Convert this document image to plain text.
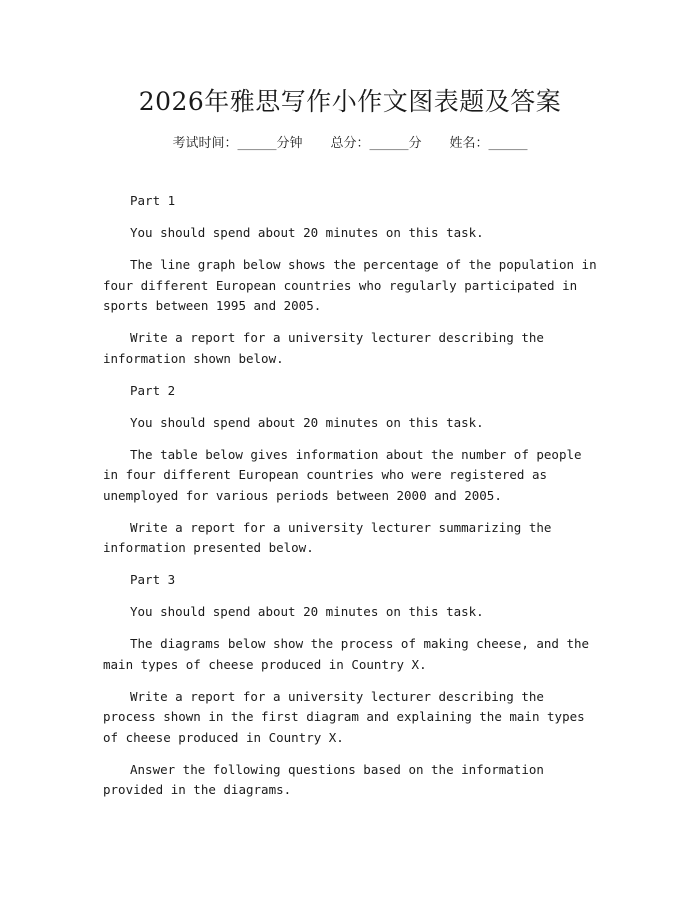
2026年雅思写作小作文图表题及答案
考试时间：______分钟 总分：______分 姓名：______

Part 1

You should spend about 20 minutes on this task.

The line graph below shows the percentage of the population in four different European countries who regularly participated in sports between 1995 and 2005.

Write a report for a university lecturer describing the information shown below.

Part 2

You should spend about 20 minutes on this task.

The table below gives information about the number of people in four different European countries who were registered as unemployed for various periods between 2000 and 2005.

Write a report for a university lecturer summarizing the information presented below.

Part 3

You should spend about 20 minutes on this task.

The diagrams below show the process of making cheese, and the main types of cheese produced in Country X.

Write a report for a university lecturer describing the process shown in the first diagram and explaining the main types of cheese produced in Country X.

Answer the following questions based on the information provided in the diagrams.
